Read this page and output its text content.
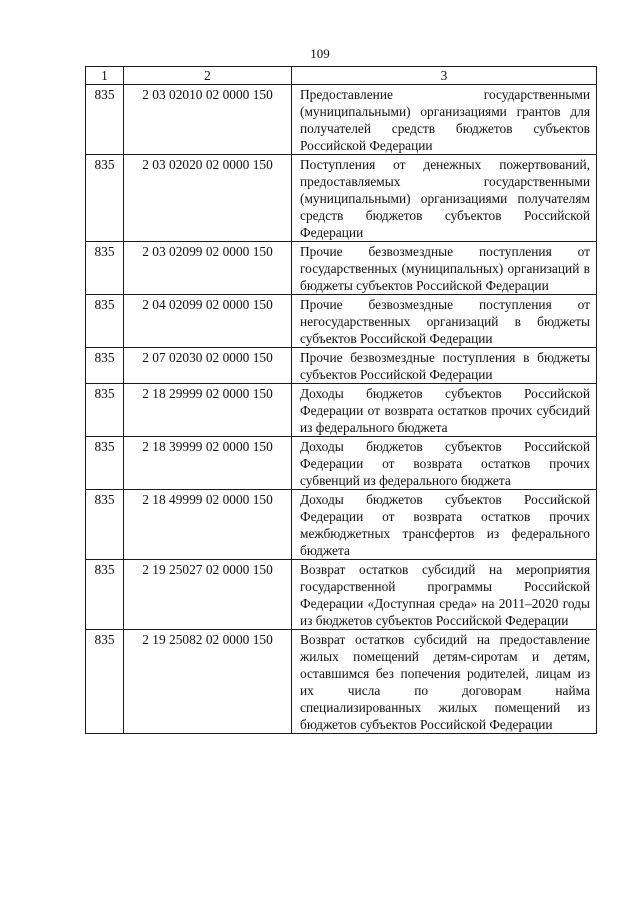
109
1	2	3
835	2 03 02010 02 0000 150	Предоставление государственными (муниципальными) организациями грантов для получателей средств бюджетов субъектов Российской Федерации
835	2 03 02020 02 0000 150	Поступления от денежных пожертвований, предоставляемых государственными (муниципальными) организациями получателям средств бюджетов субъектов Российской Федерации
835	2 03 02099 02 0000 150	Прочие безвозмездные поступления от государственных (муниципальных) организаций в бюджеты субъектов Российской Федерации
835	2 04 02099 02 0000 150	Прочие безвозмездные поступления от негосударственных организаций в бюджеты субъектов Российской Федерации
835	2 07 02030 02 0000 150	Прочие безвозмездные поступления в бюджеты субъектов Российской Федерации
835	2 18 29999 02 0000 150	Доходы бюджетов субъектов Российской Федерации от возврата остатков прочих субсидий из федерального бюджета
835	2 18 39999 02 0000 150	Доходы бюджетов субъектов Российской Федерации от возврата остатков прочих субвенций из федерального бюджета
835	2 18 49999 02 0000 150	Доходы бюджетов субъектов Российской Федерации от возврата остатков прочих межбюджетных трансфертов из федерального бюджета
835	2 19 25027 02 0000 150	Возврат остатков субсидий на мероприятия государственной программы Российской Федерации «Доступная среда» на 2011–2020 годы из бюджетов субъектов Российской Федерации
835	2 19 25082 02 0000 150	Возврат остатков субсидий на предоставление жилых помещений детям-сиротам и детям, оставшимся без попечения родителей, лицам из их числа по договорам найма специализированных жилых помещений из бюджетов субъектов Российской Федерации
